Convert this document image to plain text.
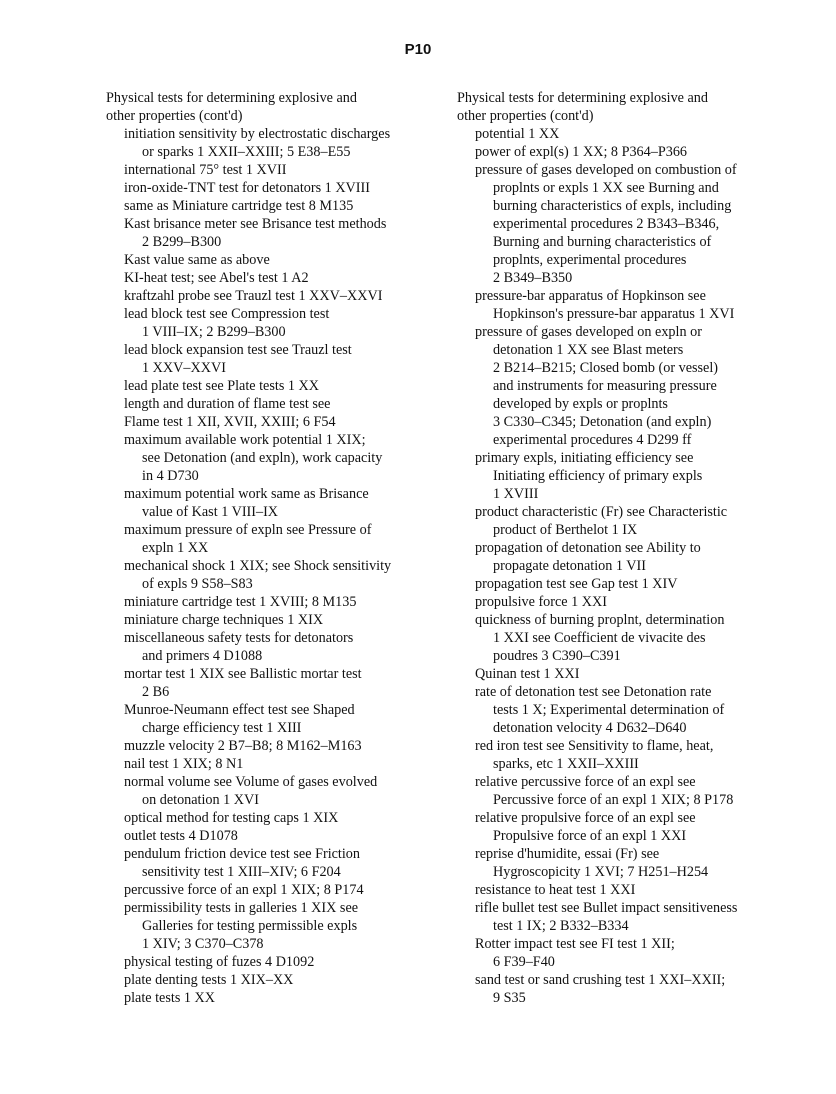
P10
Physical tests for determining explosive and
other properties (cont'd)
initiation sensitivity by electrostatic discharges
or sparks 1 XXII–XXIII; 5 E38–E55
international 75° test 1 XVII
iron-oxide-TNT test for detonators 1 XVIII
same as Miniature cartridge test 8 M135
Kast brisance meter see Brisance test methods
2 B299–B300
Kast value same as above
KI-heat test; see Abel's test 1 A2
kraftzahl probe see Trauzl test 1 XXV–XXVI
lead block test see Compression test
1 VIII–IX; 2 B299–B300
lead block expansion test see Trauzl test
1 XXV–XXVI
lead plate test see Plate tests 1 XX
length and duration of flame test see
Flame test 1 XII, XVII, XXIII; 6 F54
maximum available work potential 1 XIX;
see Detonation (and expln), work capacity
in 4 D730
maximum potential work same as Brisance
value of Kast 1 VIII–IX
maximum pressure of expln see Pressure of
expln 1 XX
mechanical shock 1 XIX; see Shock sensitivity
of expls 9 S58–S83
miniature cartridge test 1 XVIII; 8 M135
miniature charge techniques 1 XIX
miscellaneous safety tests for detonators
and primers 4 D1088
mortar test 1 XIX see Ballistic mortar test
2 B6
Munroe-Neumann effect test see Shaped
charge efficiency test 1 XIII
muzzle velocity 2 B7–B8; 8 M162–M163
nail test 1 XIX; 8 N1
normal volume see Volume of gases evolved
on detonation 1 XVI
optical method for testing caps 1 XIX
outlet tests 4 D1078
pendulum friction device test see Friction
sensitivity test 1 XIII–XIV; 6 F204
percussive force of an expl 1 XIX; 8 P174
permissibility tests in galleries 1 XIX see
Galleries for testing permissible expls
1 XIV; 3 C370–C378
physical testing of fuzes 4 D1092
plate denting tests 1 XIX–XX
plate tests 1 XX
Physical tests for determining explosive and
other properties (cont'd)
potential 1 XX
power of expl(s) 1 XX; 8 P364–P366
pressure of gases developed on combustion of
proplnts or expls 1 XX see Burning and
burning characteristics of expls, including
experimental procedures 2 B343–B346,
Burning and burning characteristics of
proplnts, experimental procedures
2 B349–B350
pressure-bar apparatus of Hopkinson see
Hopkinson's pressure-bar apparatus 1 XVI
pressure of gases developed on expln or
detonation 1 XX see Blast meters
2 B214–B215; Closed bomb (or vessel)
and instruments for measuring pressure
developed by expls or proplnts
3 C330–C345; Detonation (and expln)
experimental procedures 4 D299 ff
primary expls, initiating efficiency see
Initiating efficiency of primary expls
1 XVIII
product characteristic (Fr) see Characteristic
product of Berthelot 1 IX
propagation of detonation see Ability to
propagate detonation 1 VII
propagation test see Gap test 1 XIV
propulsive force 1 XXI
quickness of burning proplnt, determination
1 XXI see Coefficient de vivacite des
poudres 3 C390–C391
Quinan test 1 XXI
rate of detonation test see Detonation rate
tests 1 X; Experimental determination of
detonation velocity 4 D632–D640
red iron test see Sensitivity to flame, heat,
sparks, etc 1 XXII–XXIII
relative percussive force of an expl see
Percussive force of an expl 1 XIX; 8 P178
relative propulsive force of an expl see
Propulsive force of an expl 1 XXI
reprise d'humidite, essai (Fr) see
Hygroscopicity 1 XVI; 7 H251–H254
resistance to heat test 1 XXI
rifle bullet test see Bullet impact sensitiveness
test 1 IX; 2 B332–B334
Rotter impact test see FI test 1 XII;
6 F39–F40
sand test or sand crushing test 1 XXI–XXII;
9 S35
